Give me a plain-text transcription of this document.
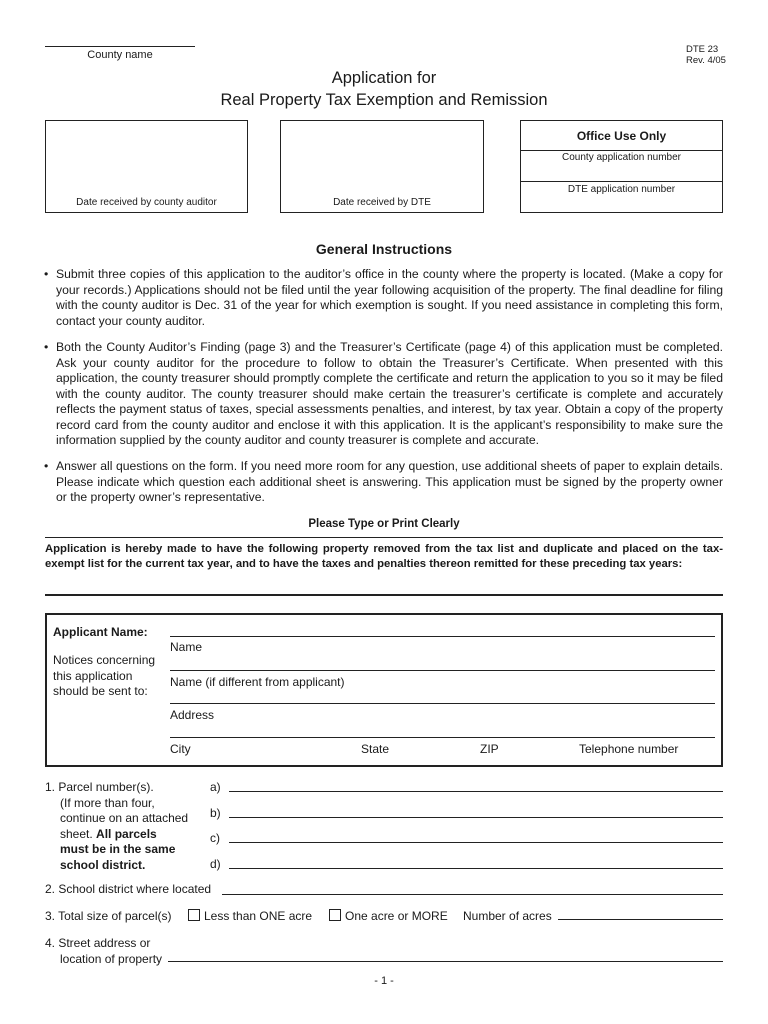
County name	DTE 23
Rev. 4/05
Application for
Real Property Tax Exemption and Remission
Date received by county auditor	Date received by DTE
Office Use Only
County application number
DTE application number
General Instructions
• Submit three copies of this application to the auditor’s office in the county where the property is located. (Make a copy for your records.) Applications should not be filed until the year following acquisition of the property. The final deadline for filing with the county auditor is Dec. 31 of the year for which exemption is sought. If you need assistance in completing this form, contact your county auditor.
• Both the County Auditor’s Finding (page 3) and the Treasurer’s Certificate (page 4) of this application must be completed. Ask your county auditor for the procedure to follow to obtain the Treasurer’s Certificate. When presented with this application, the county treasurer should promptly complete the certificate and return the application to you so it may be filed with the county auditor. The county treasurer should make certain the treasurer’s certificate is complete and accurately reflects the payment status of taxes, special assessments penalties, and interest, by tax year. Obtain a copy of the property record card from the county auditor and enclose it with this application. It is the applicant’s responsibility to make sure the information supplied by the county auditor and county treasurer is complete and accurate.
• Answer all questions on the form. If you need more room for any question, use additional sheets of paper to explain details. Please indicate which question each additional sheet is answering. This application must be signed by the property owner or the property owner’s representative.
Please Type or Print Clearly
Application is hereby made to have the following property removed from the tax list and duplicate and placed on the tax-exempt list for the current tax year, and to have the taxes and penalties thereon remitted for these preceding tax years:
Applicant Name:
Notices concerning this application should be sent to:
Name
Name (if different from applicant)
Address
City	State	ZIP	Telephone number
1. Parcel number(s).
(If more than four,
continue on an attached
sheet. All parcels
must be in the same
school district.
a)
b)
c)
d)
2. School district where located
3. Total size of parcel(s)	Less than ONE acre	One acre or MORE Number of acres
4. Street address or
location of property
- 1 -
